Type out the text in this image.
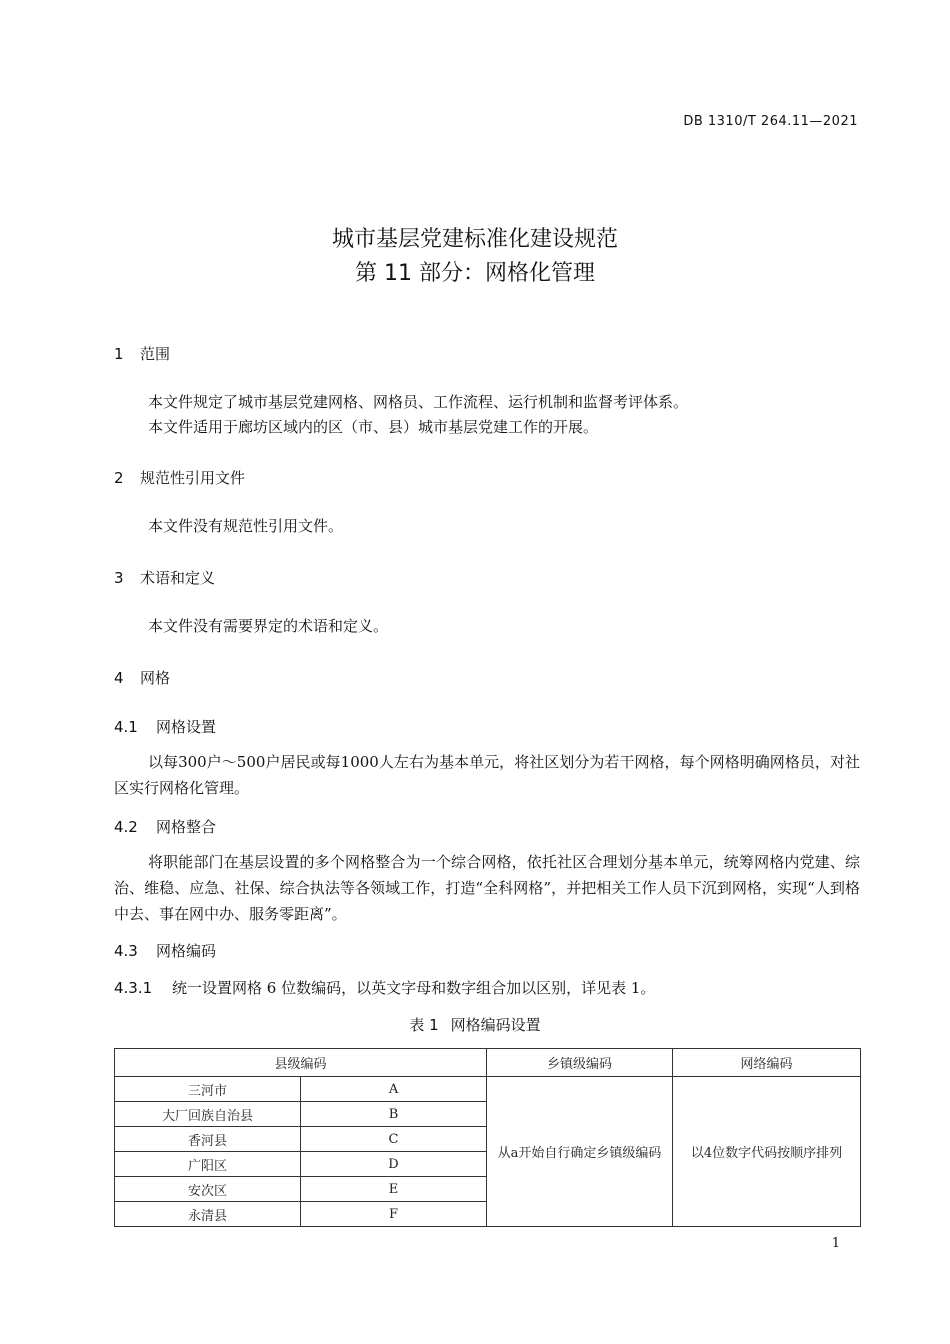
DB 1310/T 264.11—2021
城市基层党建标准化建设规范
第 11 部分：网格化管理
1 范围
本文件规定了城市基层党建网格、网格员、工作流程、运行机制和监督考评体系。
本文件适用于廊坊区域内的区（市、县）城市基层党建工作的开展。
2 规范性引用文件
本文件没有规范性引用文件。
3 术语和定义
本文件没有需要界定的术语和定义。
4 网格
4.1 网格设置
以每300户～500户居民或每1000人左右为基本单元，将社区划分为若干网格，每个网格明确网格员，对社区实行网格化管理。
4.2 网格整合
将职能部门在基层设置的多个网格整合为一个综合网格，依托社区合理划分基本单元，统筹网格内党建、综治、维稳、应急、社保、综合执法等各领域工作，打造“全科网格”，并把相关工作人员下沉到网格，实现“人到格中去、事在网中办、服务零距离”。
4.3 网格编码
4.3.1 统一设置网格 6 位数编码，以英文字母和数字组合加以区别，详见表 1。
表 1 网格编码设置
县级编码		乡镇级编码	网络编码
三河市	A	从a开始自行确定乡镇级编码	以4位数字代码按顺序排列
大厂回族自治县	B		
香河县	C		
广阳区	D		
安次区	E		
永清县	F		
1
